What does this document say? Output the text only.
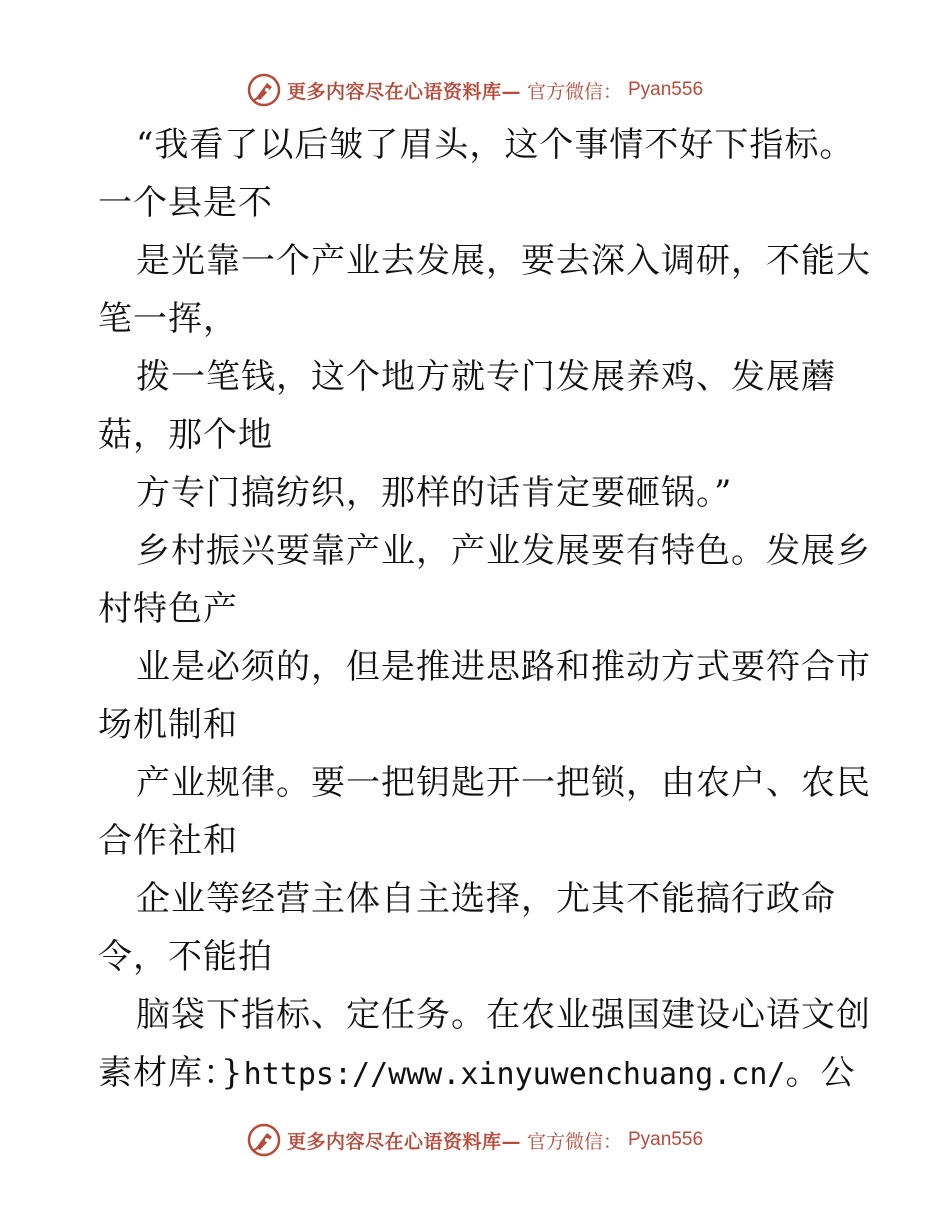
更多内容尽在心语资料库— 官方微信： Pyan556
“我看了以后皱了眉头，这个事情不好下指标。
一个县是不
是光靠一个产业去发展，要去深入调研，不能大
笔一挥，
拨一笔钱，这个地方就专门发展养鸡、发展蘑
菇，那个地
方专门搞纺织，那样的话肯定要砸锅。”
乡村振兴要靠产业，产业发展要有特色。发展乡
村特色产
业是必须的，但是推进思路和推动方式要符合市
场机制和
产业规律。要一把钥匙开一把锁，由农户、农民
合作社和
企业等经营主体自主选择，尤其不能搞行政命
令，不能拍
脑袋下指标、定任务。在农业强国建设心语文创
素材库：}https://www.xinyuwenchuang.cn/。公
更多内容尽在心语资料库— 官方微信： Pyan556
